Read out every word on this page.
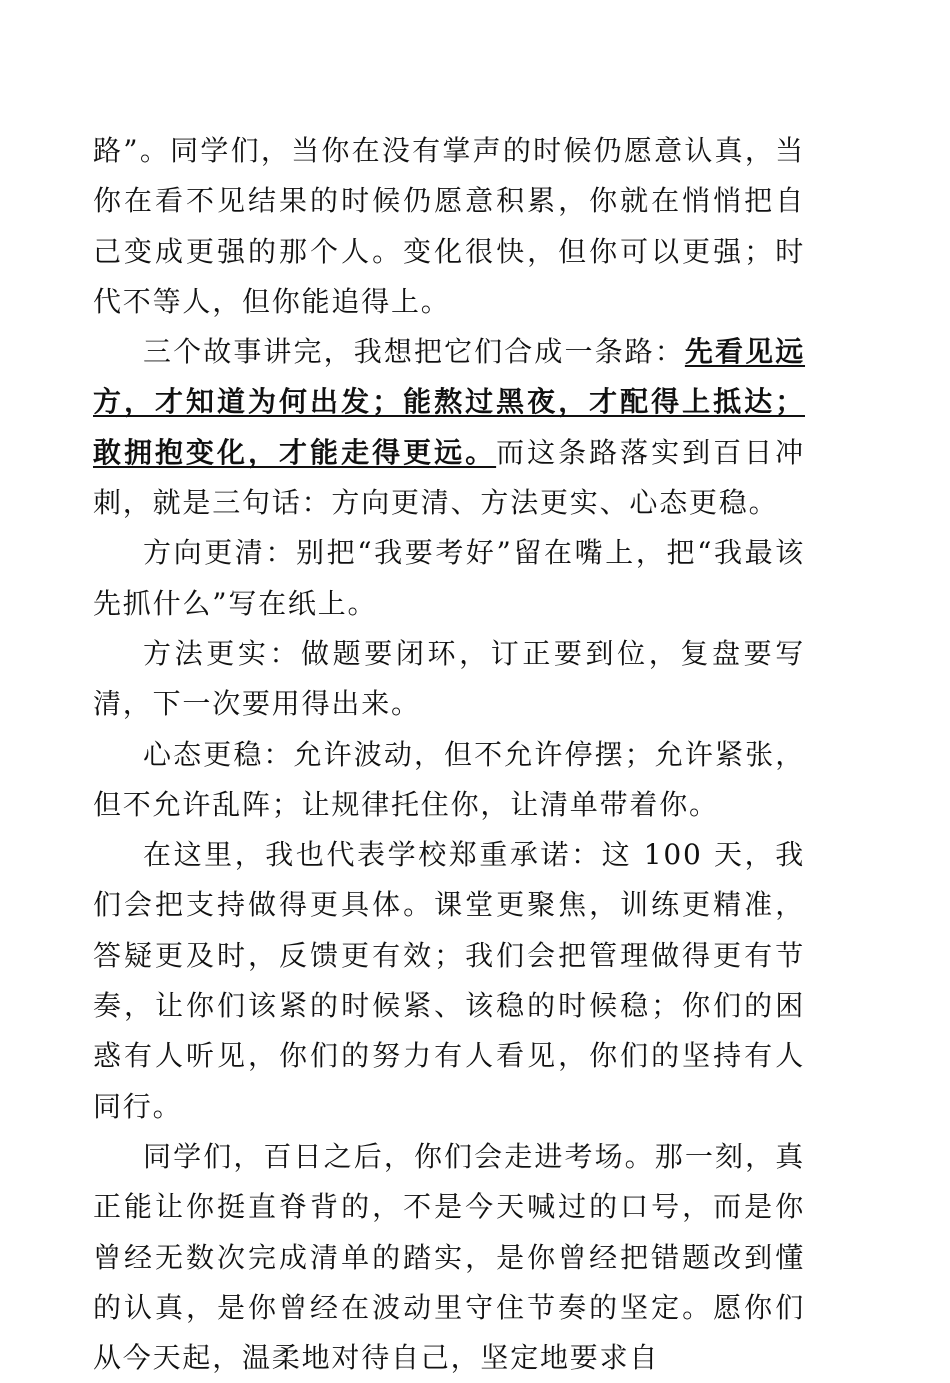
路”。同学们，当你在没有掌声的时候仍愿意认真，当你在看不见结果的时候仍愿意积累，你就在悄悄把自己变成更强的那个人。变化很快，但你可以更强；时代不等人，但你能追得上。

三个故事讲完，我想把它们合成一条路：先看见远方，才知道为何出发；能熬过黑夜，才配得上抵达；敢拥抱变化，才能走得更远。而这条路落实到百日冲刺，就是三句话：方向更清、方法更实、心态更稳。

方向更清：别把“我要考好”留在嘴上，把“我最该先抓什么”写在纸上。

方法更实：做题要闭环，订正要到位，复盘要写清，下一次要用得出来。

心态更稳：允许波动，但不允许停摆；允许紧张，但不允许乱阵；让规律托住你，让清单带着你。

在这里，我也代表学校郑重承诺：这 100 天，我们会把支持做得更具体。课堂更聚焦，训练更精准，答疑更及时，反馈更有效；我们会把管理做得更有节奏，让你们该紧的时候紧、该稳的时候稳；你们的困惑有人听见，你们的努力有人看见，你们的坚持有人同行。

同学们，百日之后，你们会走进考场。那一刻，真正能让你挺直脊背的，不是今天喊过的口号，而是你曾经无数次完成清单的踏实，是你曾经把错题改到懂的认真，是你曾经在波动里守住节奏的坚定。愿你们从今天起，温柔地对待自己，坚定地要求自
